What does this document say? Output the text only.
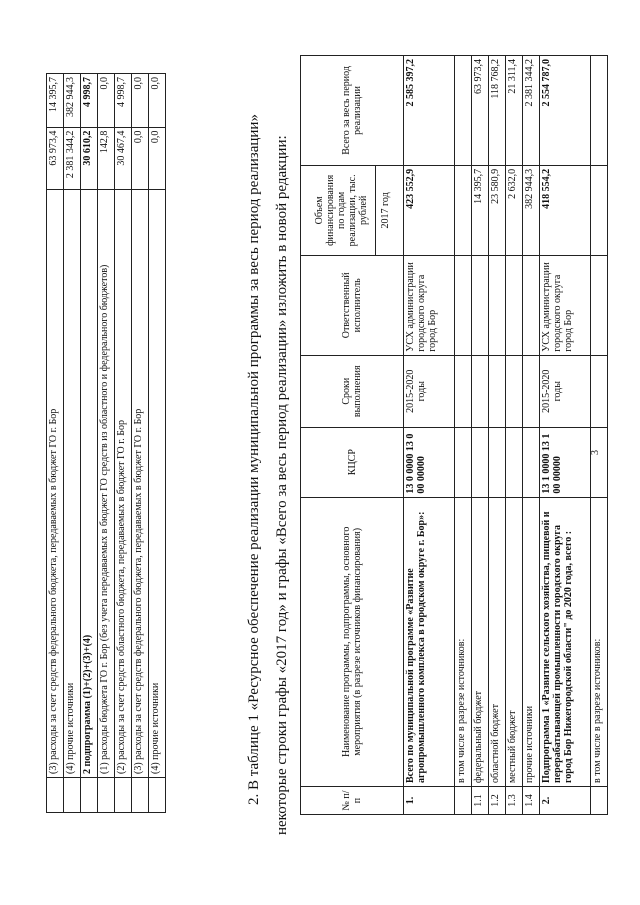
	(3) расходы за счет средств федерального бюджета, передаваемых в бюджет ГО г. Бор	63 973,4	14 395,7
	(4) прочие источники	2 381 344,2	382 944,3
	2 подпрограмма (1)+(2)+(3)+(4)	30 610,2	4 998,7
	(1) расходы бюджета ГО г. Бор (без учета передаваемых в бюджет ГО средств из областного и федерального бюджетов)	142,8	0,0
	(2) расходы за счет средств областного бюджета, передаваемых в бюджет ГО г. Бор	30 467,4	4 998,7
	(3) расходы за счет средств федерального бюджета, передаваемых в бюджет ГО г. Бор	0,0	0,0
	(4) прочие источники	0,0	0,0

2. В таблице 1 «Ресурсное обеспечение реализации муниципальной программы за весь период реализации» некоторые строки графы «2017 год» и графы «Всего за весь период реализации» изложить в новой редакции:	№ п/п	Наименование программы, подпрограммы, основного мероприятия (в разрезе источников финансирования)	КЦСР	Сроки выполнения	Ответственный исполнитель	Объем финансирования по годам реализации, тыс. рублей 2017 год	Всего за весь период реализации
1.	Всего по муниципальной программе «Развитие агропромышленного комплекса в городском округе г. Бор»:	13 0 0000 13 0 00 00000	2015-2020 годы	УСХ администрации городского округа город Бор	423 552,9	2 585 397,2
	в том числе в разрезе источников:					
1.1	федеральный бюджет				14 395,7	63 973,4
1.2	областной бюджет				23 580,9	118 768,2
1.3	местный бюджет				2 632,0	21 311,4
1.4	прочие источники				382 944,3	2 381 344,2
2.	Подпрограмма 1 «Развитие сельского хозяйства, пищевой и перерабатывающей промышленности городского округа город Бор Нижегородской области" до 2020 года, всего :	13 1 0000 13 1 00 00000	2015-2020 годы	УСХ администрации городского округа город Бор	418 554,2	2 554 787,0
	в том числе в разрезе источников:					
3
